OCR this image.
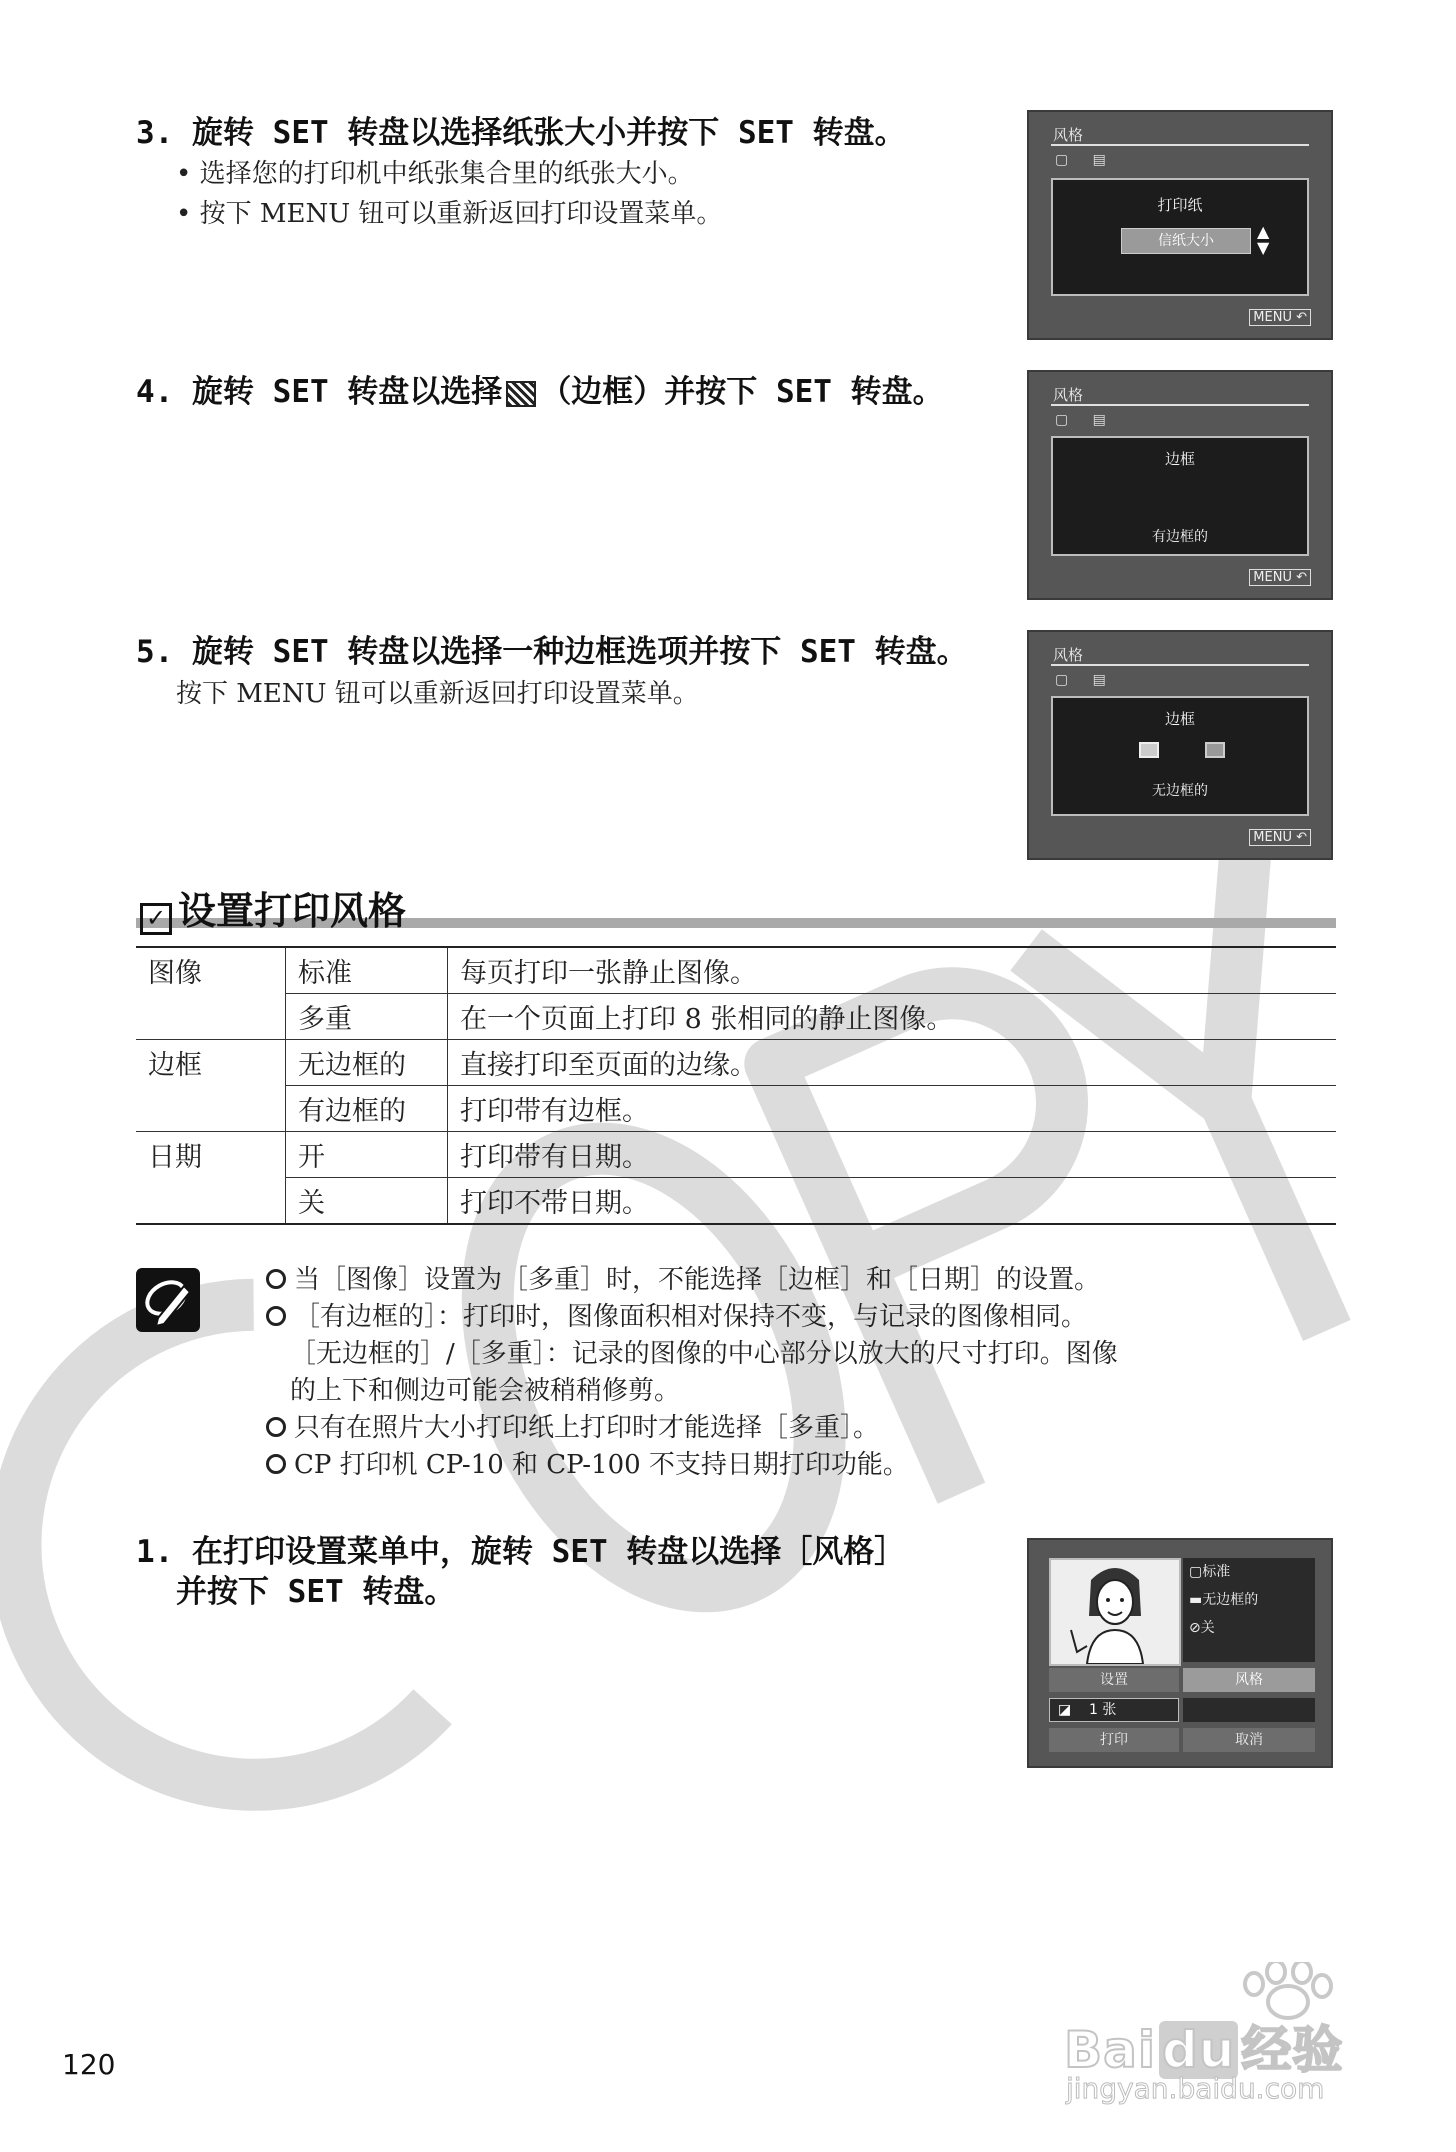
COPY
3. 旋转 SET 转盘以选择纸张大小并按下 SET 转盘。
• 选择您的打印机中纸张集合里的纸张大小。
• 按下 MENU 钮可以重新返回打印设置菜单。
风格
▢ ▤
打印纸
信纸大小	▲
▼
MENU ↶
4. 旋转 SET 转盘以选择 （边框）并按下 SET 转盘。	风格
▢ ▤
边框
有边框的
MENU ↶
5. 旋转 SET 转盘以选择一种边框选项并按下 SET 转盘。
按下 MENU 钮可以重新返回打印设置菜单。
风格
▢ ▤
边框
无边框的
MENU ↶
✓ 设置打印风格
图像	标准	每页打印一张静止图像。
	多重	在一个页面上打印 8 张相同的静止图像。
边框	无边框的	直接打印至页面的边缘。
	有边框的	打印带有边框。
日期	开	打印带有日期。
	关	打印不带日期。
当［图像］设置为［多重］时，不能选择［边框］和［日期］的设置。
［有边框的］：打印时，图像面积相对保持不变，与记录的图像相同。
［无边框的］/［多重］：记录的图像的中心部分以放大的尺寸打印。图像
的上下和侧边可能会被稍稍修剪。
只有在照片大小打印纸上打印时才能选择［多重］。
CP 打印机 CP-10 和 CP-100 不支持日期打印功能。
1. 在打印设置菜单中，旋转 SET 转盘以选择［风格］
并按下 SET 转盘。
▢标准
▬无边框的
⊘关
设置	风格
◪ 1 张
打印	取消
120	Bai du 经验
jingyan.baidu.com
